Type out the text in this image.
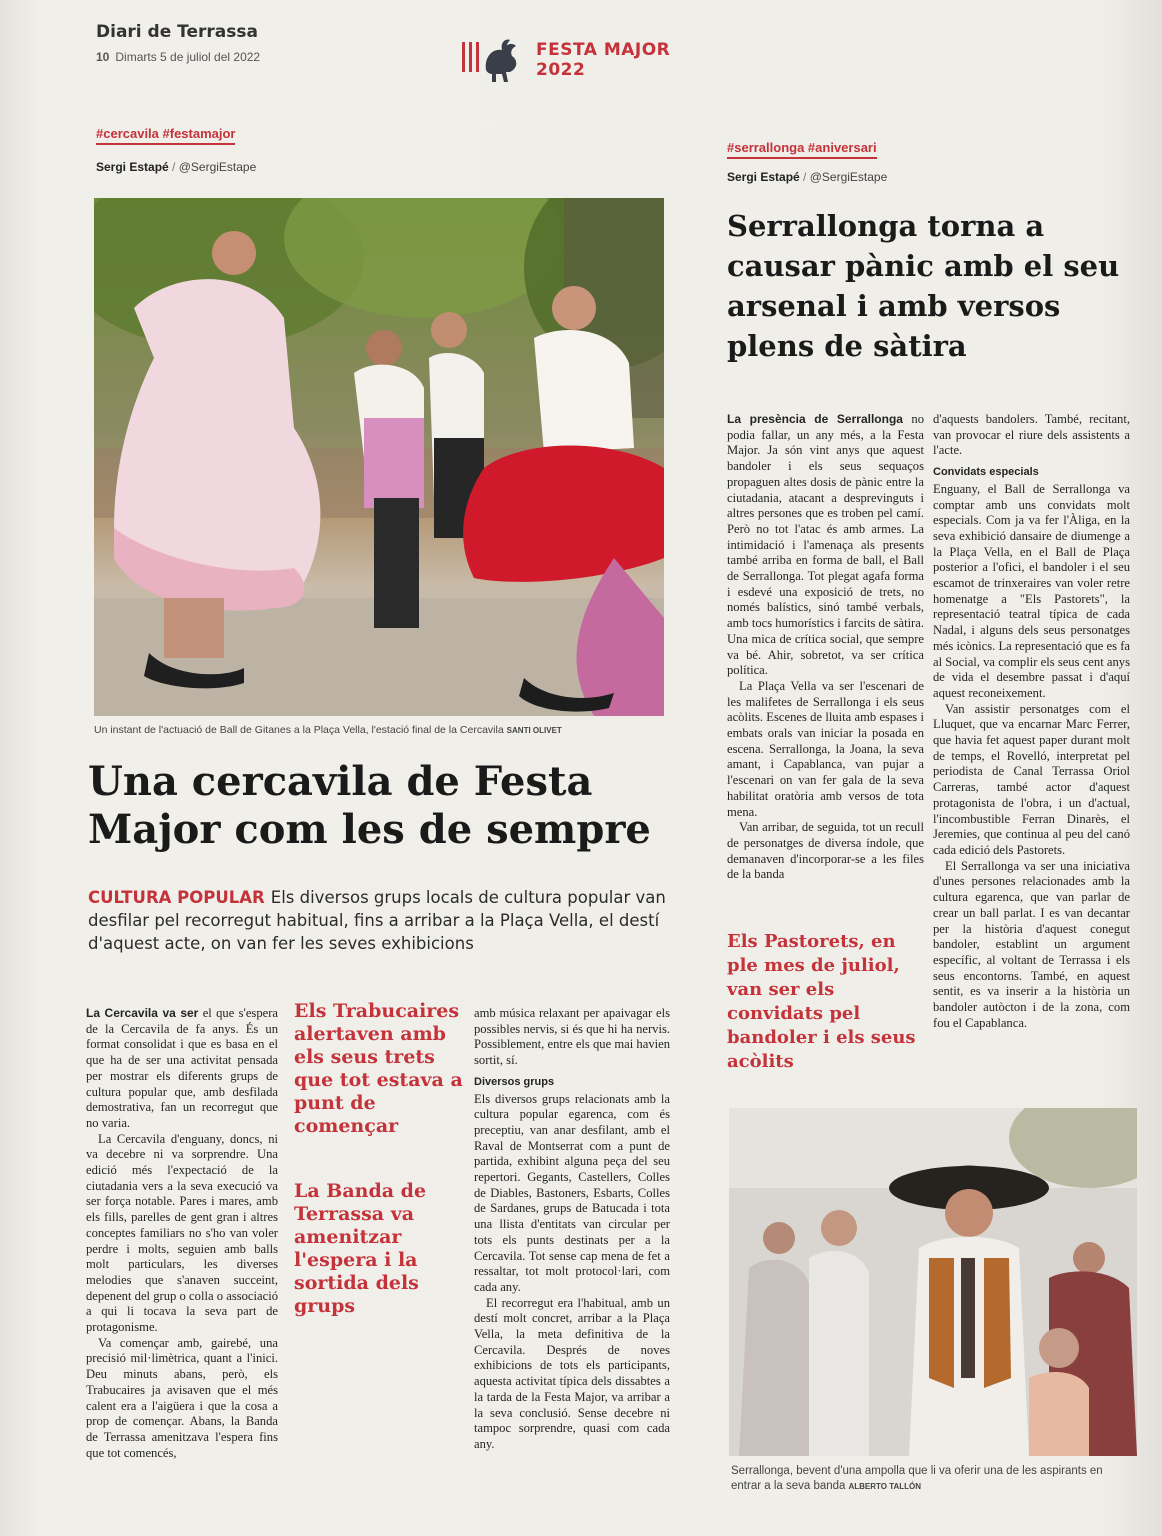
Diari de Terrassa
10 Dimarts 5 de juliol del 2022	FESTA MAJOR
2022
#cercavila #festamajor
Sergi Estapé / @SergiEstape
Un instant de l'actuació de Ball de Gitanes a la Plaça Vella, l'estació final de la Cercavila SANTI OLIVET
Una cercavila de Festa Major com les de sempre
CULTURA POPULAR Els diversos grups locals de cultura popular van desfilar pel recorregut habitual, fins a arribar a la Plaça Vella, el destí d'aquest acte, on van fer les seves exhibicions

La Cercavila va ser el que s'espera de la Cercavila de fa anys. És un format consolidat i que es basa en el que ha de ser una activitat pensada per mostrar els diferents grups de cultura popular que, amb desfilada demostrativa, fan un recorregut que no varia.

La Cercavila d'enguany, doncs, ni va decebre ni va sorprendre. Una edició més l'expectació de la ciutadania vers a la seva execució va ser força notable. Pares i mares, amb els fills, parelles de gent gran i altres conceptes familiars no s'ho van voler perdre i molts, seguien amb balls molt particulars, les diverses melodies que s'anaven succeint, depenent del grup o colla o associació a qui li tocava la seva part de protagonisme.

Va començar amb, gairebé, una precisió mil·limètrica, quant a l'inici. Deu minuts abans, però, els Trabucaires ja avisaven que el més calent era a l'aigüera i que la cosa a prop de començar. Abans, la Banda de Terrassa amenitzava l'espera fins que tot comencés,

Els Trabucaires alertaven amb els seus trets que tot estava a punt de començar
La Banda de Terrassa va amenitzar l'espera i la sortida dels grups

amb música relaxant per apaivagar els possibles nervis, si és que hi ha nervis. Possiblement, entre els que mai havien sortit, sí.

Diversos grups

Els diversos grups relacionats amb la cultura popular egarenca, com és preceptiu, van anar desfilant, amb el Raval de Montserrat com a punt de partida, exhibint alguna peça del seu repertori. Gegants, Castellers, Colles de Diables, Bastoners, Esbarts, Colles de Sardanes, grups de Batucada i tota una llista d'entitats van circular per tots els punts destinats per a la Cercavila. Tot sense cap mena de fet a ressaltar, tot molt protocol·lari, com cada any.

El recorregut era l'habitual, amb un destí molt concret, arribar a la Plaça Vella, la meta definitiva de la Cercavila. Després de noves exhibicions de tots els participants, aquesta activitat típica dels dissabtes a la tarda de la Festa Major, va arribar a la seva conclusió. Sense decebre ni tampoc sorprendre, quasi com cada any.

#serrallonga #aniversari
Sergi Estapé / @SergiEstape
Serrallonga torna a causar pànic amb el seu arsenal i amb versos plens de sàtira

La presència de Serrallonga no podia fallar, un any més, a la Festa Major. Ja són vint anys que aquest bandoler i els seus sequaços propaguen altes dosis de pànic entre la ciutadania, atacant a desprevinguts i altres persones que es troben pel camí. Però no tot l'atac és amb armes. La intimidació i l'amenaça als presents també arriba en forma de ball, el Ball de Serrallonga. Tot plegat agafa forma i esdevé una exposició de trets, no només balístics, sinó també verbals, amb tocs humorístics i farcits de sàtira. Una mica de crítica social, que sempre va bé. Ahir, sobretot, va ser crítica política.

La Plaça Vella va ser l'escenari de les malifetes de Serrallonga i els seus acòlits. Escenes de lluita amb espases i embats orals van iniciar la posada en escena. Serrallonga, la Joana, la seva amant, i Capablanca, van pujar a l'escenari on van fer gala de la seva habilitat oratòria amb versos de tota mena.

Van arribar, de seguida, tot un recull de personatges de diversa índole, que demanaven d'incorporar-se a les files de la banda

Els Pastorets, en ple mes de juliol, van ser els convidats pel bandoler i els seus acòlits

d'aquests bandolers. També, recitant, van provocar el riure dels assistents a l'acte.

Convidats especials

Enguany, el Ball de Serrallonga va comptar amb uns convidats molt especials. Com ja va fer l'Àliga, en la seva exhibició dansaire de diumenge a la Plaça Vella, en el Ball de Plaça posterior a l'ofici, el bandoler i el seu escamot de trinxeraires van voler retre homenatge a "Els Pastorets", la representació teatral típica de cada Nadal, i alguns dels seus personatges més icònics. La representació que es fa al Social, va complir els seus cent anys de vida el desembre passat i d'aquí aquest reconeixement.

Van assistir personatges com el Lluquet, que va encarnar Marc Ferrer, que havia fet aquest paper durant molt de temps, el Rovelló, interpretat pel periodista de Canal Terrassa Oriol Carreras, també actor d'aquest protagonista de l'obra, i un d'actual, l'incombustible Ferran Dinarès, el Jeremies, que continua al peu del canó cada edició dels Pastorets.

El Serrallonga va ser una iniciativa d'unes persones relacionades amb la cultura egarenca, que van parlar de crear un ball parlat. I es van decantar per la història d'aquest conegut bandoler, establint un argument específic, al voltant de Terrassa i els seus encontorns. També, en aquest sentit, es va inserir a la història un bandoler autòcton i de la zona, com fou el Capablanca.

Serrallonga, bevent d'una ampolla que li va oferir una de les aspirants en entrar a la seva banda ALBERTO TALLÓN
